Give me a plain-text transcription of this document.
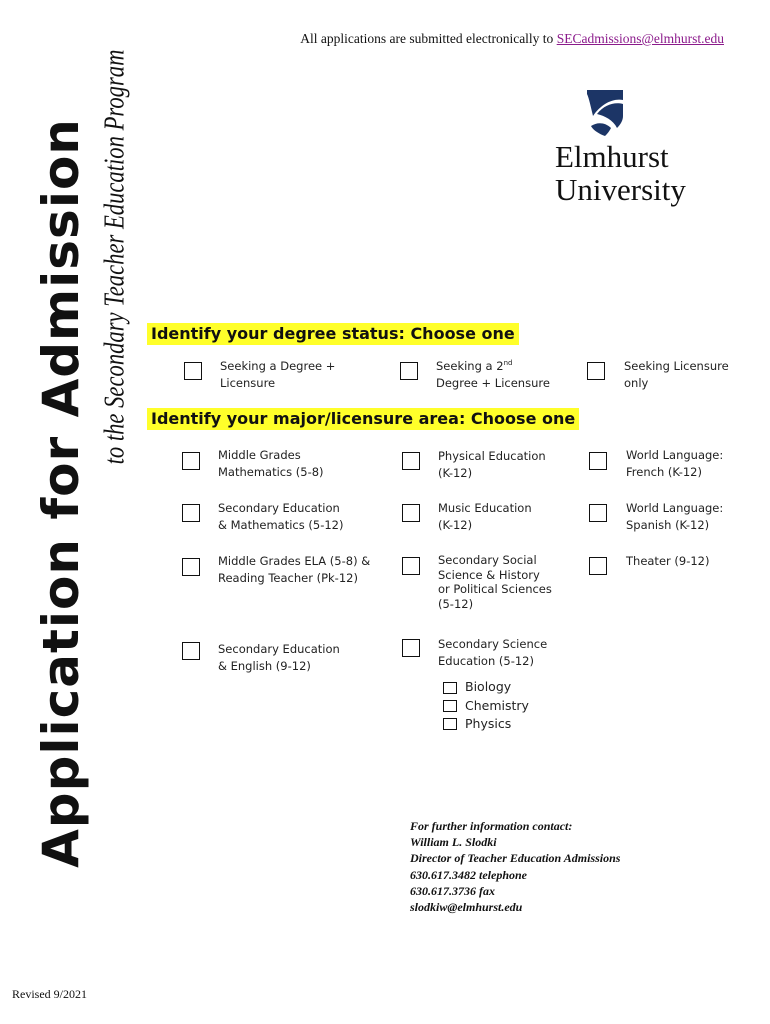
All applications are submitted electronically to SECadmissions@elmhurst.edu
Application for Admission to the Secondary Teacher Education Program	Elmhurst
University
Identify your degree status: Choose one
Seeking a Degree +
Licensure
Seeking a 2nd
Degree + Licensure
Seeking Licensure
only
Identify your major/licensure area: Choose one
Middle Grades
Mathematics (5-8)
Physical Education
(K-12)
World Language:
French (K-12)
Secondary Education
& Mathematics (5-12)
Music Education
(K-12)
World Language:
Spanish (K-12)
Middle Grades ELA (5-8) &
Reading Teacher (Pk-12)
Secondary Social
Science & History
or Political Sciences
(5-12)
Theater (9-12)
Secondary Education
& English (9-12)
Secondary Science
Education (5-12)
Biology
Chemistry
Physics
For further information contact:
William L. Slodki
Director of Teacher Education Admissions
630.617.3482 telephone
630.617.3736 fax
slodkiw@elmhurst.edu
Revised 9/2021
